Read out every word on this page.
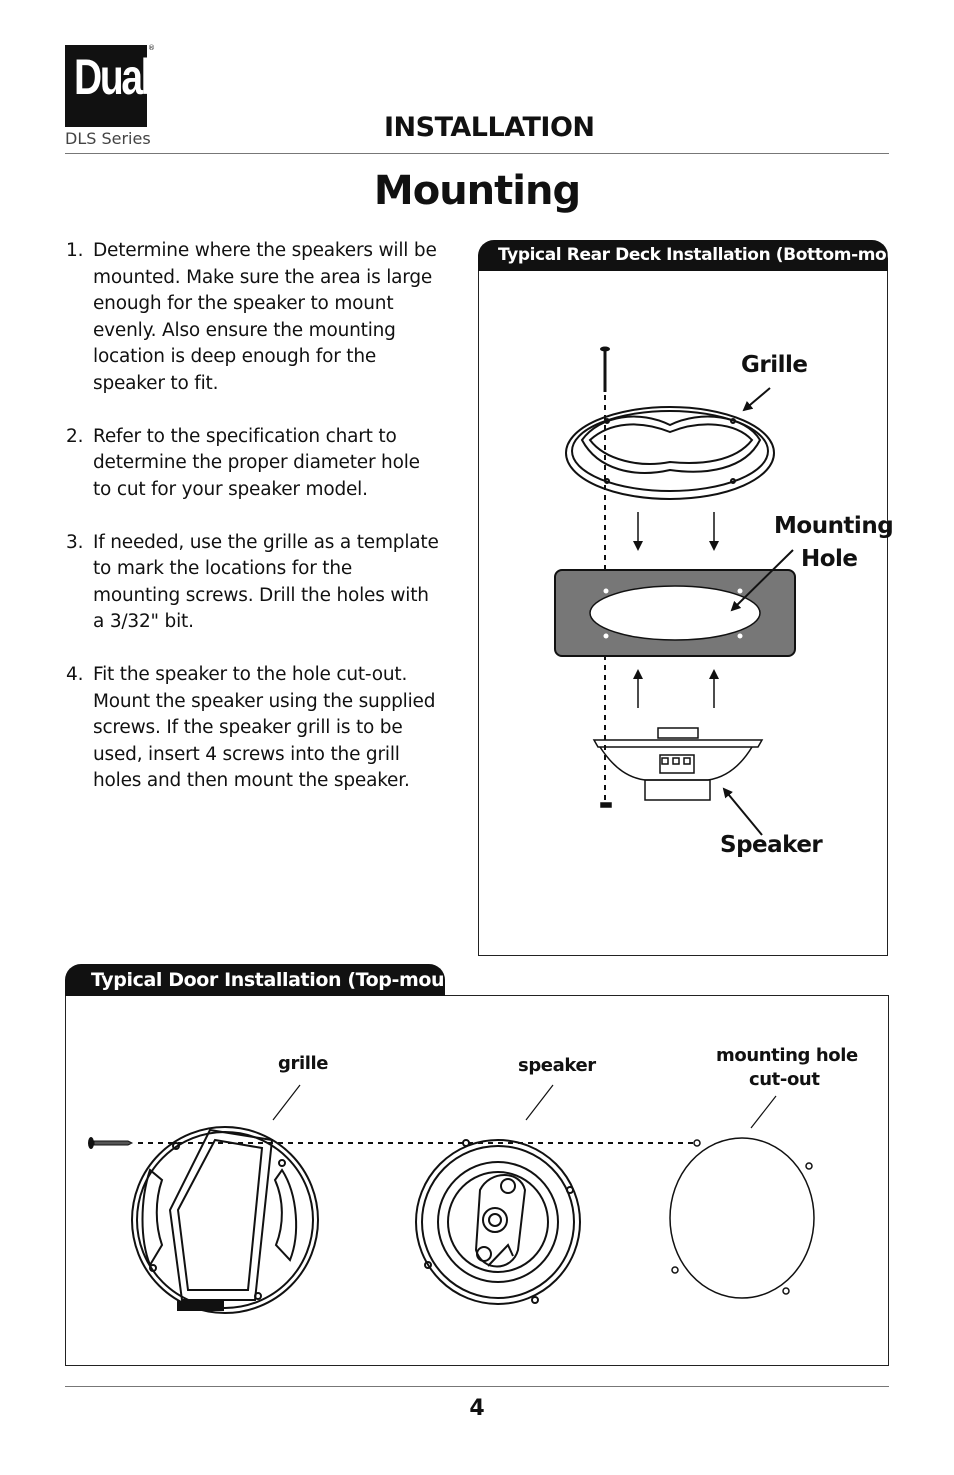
Dual
®
DLS Series	INSTALLATION
Mounting
1. Determine where the speakers will be mounted. Make sure the area is large enough for the speaker to mount evenly. Also ensure the mounting location is deep enough for the speaker to fit.
2. Refer to the specification chart to determine the proper diameter hole to cut for your speaker model.
3. If needed, use the grille as a template to mark the locations for the mounting screws. Drill the holes with a 3/32" bit.
4. Fit the speaker to the hole cut-out. Mount the speaker using the supplied screws. If the speaker grill is to be used, insert 4 screws into the grill holes and then mount the speaker.
Typical Rear Deck Installation (Bottom-mount)
Grille
Mounting
Hole
Speaker
Typical Door Installation (Top-mount)
grille	speaker	mounting hole
cut-out
4
